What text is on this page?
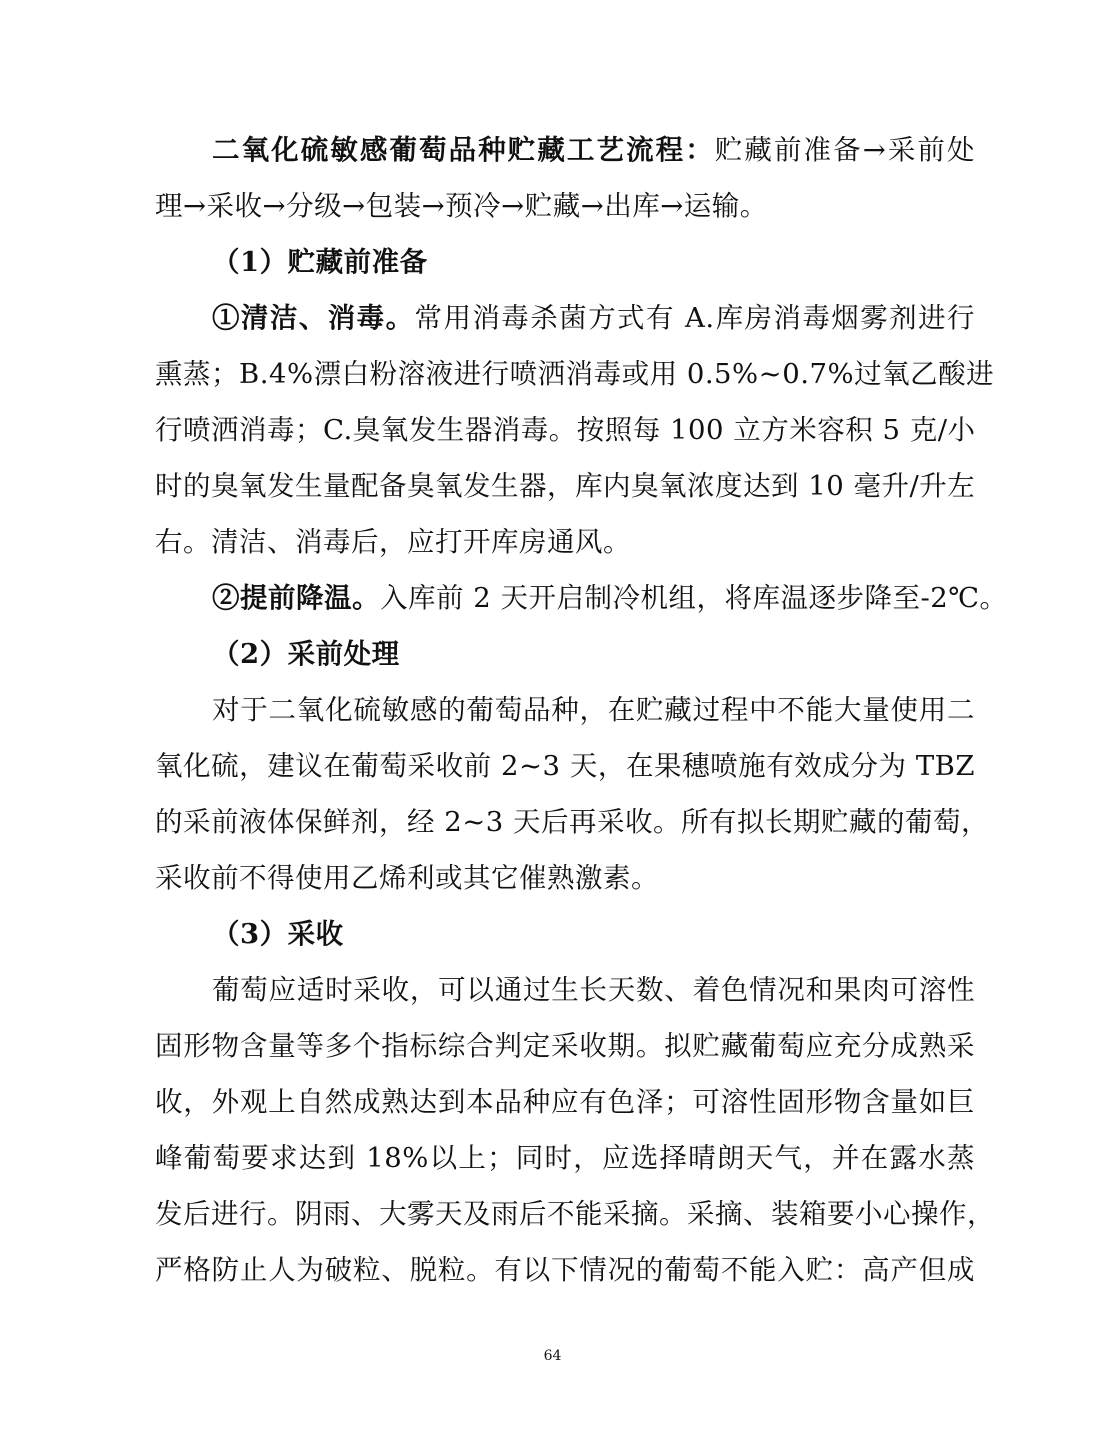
二氧化硫敏感葡萄品种贮藏工艺流程：贮藏前准备→采前处
理→采收→分级→包装→预冷→贮藏→出库→运输。
（1）贮藏前准备
①清洁、消毒。常用消毒杀菌方式有 A.库房消毒烟雾剂进行
熏蒸；B.4%漂白粉溶液进行喷洒消毒或用 0.5%~0.7%过氧乙酸进
行喷洒消毒；C.臭氧发生器消毒。按照每 100 立方米容积 5 克/小
时的臭氧发生量配备臭氧发生器，库内臭氧浓度达到 10 毫升/升左
右。清洁、消毒后，应打开库房通风。
②提前降温。入库前 2 天开启制冷机组，将库温逐步降至-2℃。
（2）采前处理
对于二氧化硫敏感的葡萄品种，在贮藏过程中不能大量使用二
氧化硫，建议在葡萄采收前 2~3 天，在果穗喷施有效成分为 TBZ
的采前液体保鲜剂，经 2~3 天后再采收。所有拟长期贮藏的葡萄，
采收前不得使用乙烯利或其它催熟激素。
（3）采收
葡萄应适时采收，可以通过生长天数、着色情况和果肉可溶性
固形物含量等多个指标综合判定采收期。拟贮藏葡萄应充分成熟采
收，外观上自然成熟达到本品种应有色泽；可溶性固形物含量如巨
峰葡萄要求达到 18%以上；同时，应选择晴朗天气，并在露水蒸
发后进行。阴雨、大雾天及雨后不能采摘。采摘、装箱要小心操作，
严格防止人为破粒、脱粒。有以下情况的葡萄不能入贮：高产但成
64
